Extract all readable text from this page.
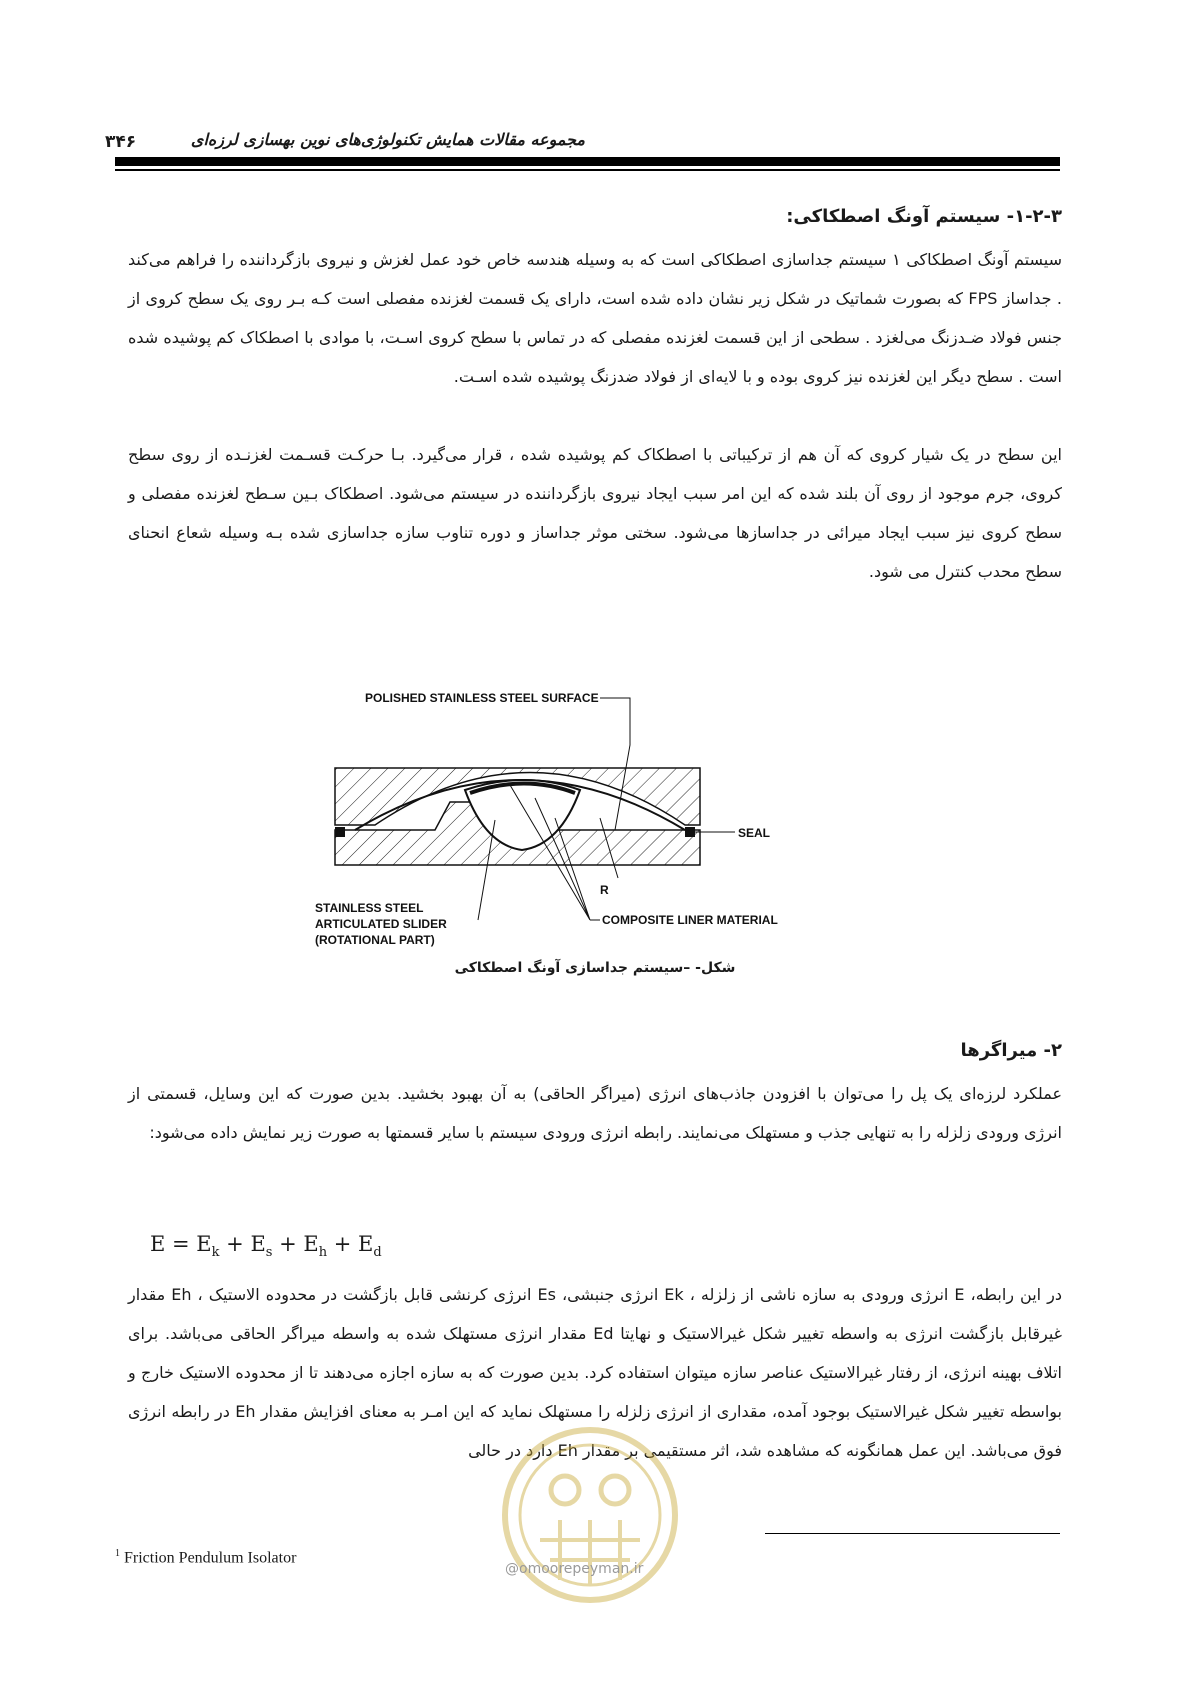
۳۴۶	مجموعه مقالات همایش تکنولوژی‌های نوین بهسازی لرزه‌ای
۱-۲-۳- سیستم آونگ اصطکاکی:

سیستم آونگ اصطکاکی ۱ سیستم جداسازی اصطکاکی است که به وسیله هندسه خاص خود عمل لغزش و نیروی بازگرداننده را فراهم می‌کند . جداساز FPS که بصورت شماتیک در شکل زیر نشان داده شده است، دارای یک قسمت لغزنده مفصلی است کـه بـر روی یک سطح کروی از جنس فولاد ضـدزنگ می‌لغزد . سطحی از این قسمت لغزنده مفصلی که در تماس با سطح کروی اسـت، با موادی با اصطکاک کم پوشیده شده است . سطح دیگر این لغزنده نیز کروی بوده و با لایه‌ای از فولاد ضدزنگ پوشیده شده اسـت.

این سطح در یک شیار کروی که آن هم از ترکیباتی با اصطکاک کم پوشیده شده ، قرار می‌گیرد. بـا حرکـت قسـمت لغزنـده از روی سطح کروی، جرم موجود از روی آن بلند شده که این امر سبب ایجاد نیروی بازگرداننده در سیستم می‌شود. اصطکاک بـین سـطح لغزنده مفصلی و سطح کروی نیز سبب ایجاد میرائی در جداسازها می‌شود. سختی موثر جداساز و دوره تناوب سازه جداسازی شده بـه وسیله شعاع انحنای سطح محدب کنترل می شود.

POLISHED STAINLESS STEEL SURFACE
SEAL
R
STAINLESS STEEL
ARTICULATED SLIDER
(ROTATIONAL PART)
COMPOSITE LINER MATERIAL
شکل- –سیستم جداسازی آونگ اصطکاکی
۲- میراگرها

عملکرد لرزه‌ای یک پل را می‌توان با افزودن جاذب‌های انرژی (میراگر الحاقی) به آن بهبود بخشید. بدین صورت که این وسایل، قسمتی از انرژی ورودی زلزله را به تنهایی جذب و مستهلک می‌نمایند. رابطه انرژی ورودی سیستم با سایر قسمتها به صورت زیر نمایش داده می‌شود:

$E = E_k + E_s + E_h + E_d$

در این رابطه، E انرژی ورودی به سازه ناشی از زلزله ، Ek انرژی جنبشی، Es انرژی کرنشی قابل بازگشت در محدوده الاستیک ، Eh مقدار غیرقابل بازگشت انرژی به واسطه تغییر شکل غیرالاستیک و نهایتا Ed مقدار انرژی مستهلک شده به واسطه میراگر الحاقی می‌باشد. برای اتلاف بهینه انرژی، از رفتار غیرالاستیک عناصر سازه میتوان استفاده کرد. بدین صورت که به سازه اجازه می‌دهند تا از محدوده الاستیک خارج و بواسطه تغییر شکل غیرالاستیک بوجود آمده، مقداری از انرژی زلزله را مستهلک نماید که این امـر به معنای افزایش مقدار Eh در رابطه انرژی فوق می‌باشد. این عمل همانگونه که مشاهده شد، اثر مستقیمی بر مقدار Eh دارد در حالی

@omoorepeyman.ir
$^1$ Friction Pendulum Isolator
